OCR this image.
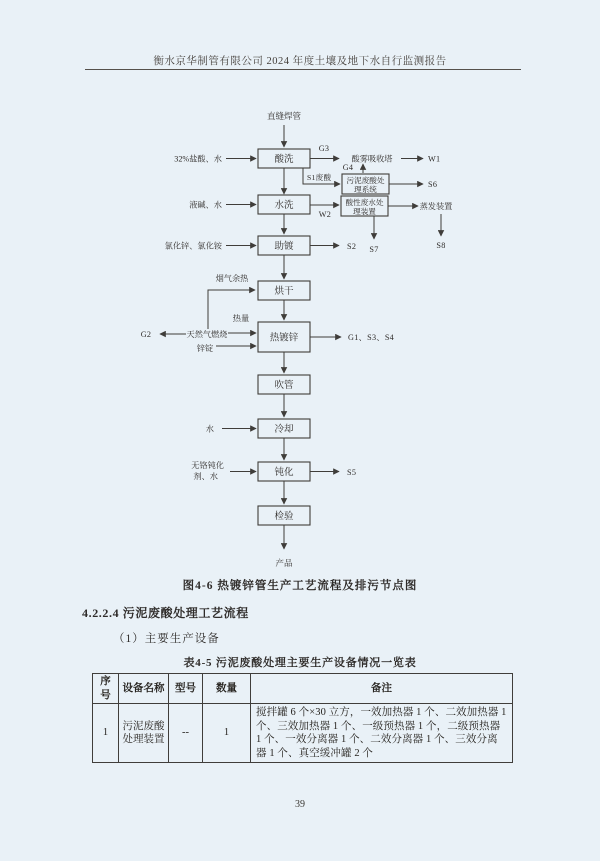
衡水京华制管有限公司 2024 年度土壤及地下水自行监测报告
直缝焊管
酸洗
水洗
助镀
烘干
热镀锌
吹管
冷却
钝化
检验
产品
污泥废酸处
理系统
酸性废水处
理装置
酸雾吸收塔
蒸发装置
32%盐酸、水
液碱、水
氯化锌、氯化铵
烟气余热
热量
天然气燃烧
锌锭
水
无铬钝化
剂、水
G3
W1
G4
S1废酸
S6
W2
S2 S7	S8
G2	G1、S3、S4
S5
图4-6 热镀锌管生产工艺流程及排污节点图
4.2.2.4 污泥废酸处理工艺流程
（1）主要生产设备
表4-5 污泥废酸处理主要生产设备情况一览表
序号	设备名称	型号	数量	备注
1	污泥废酸处理装置	--	1	搅拌罐 6 个×30 立方，一效加热器 1 个、二效加热器 1 个、三效加热器 1 个、一级预热器 1 个，二级预热器 1 个、一效分离器 1 个、二效分离器 1 个、三效分离器 1 个、真空缓冲罐 2 个
39
